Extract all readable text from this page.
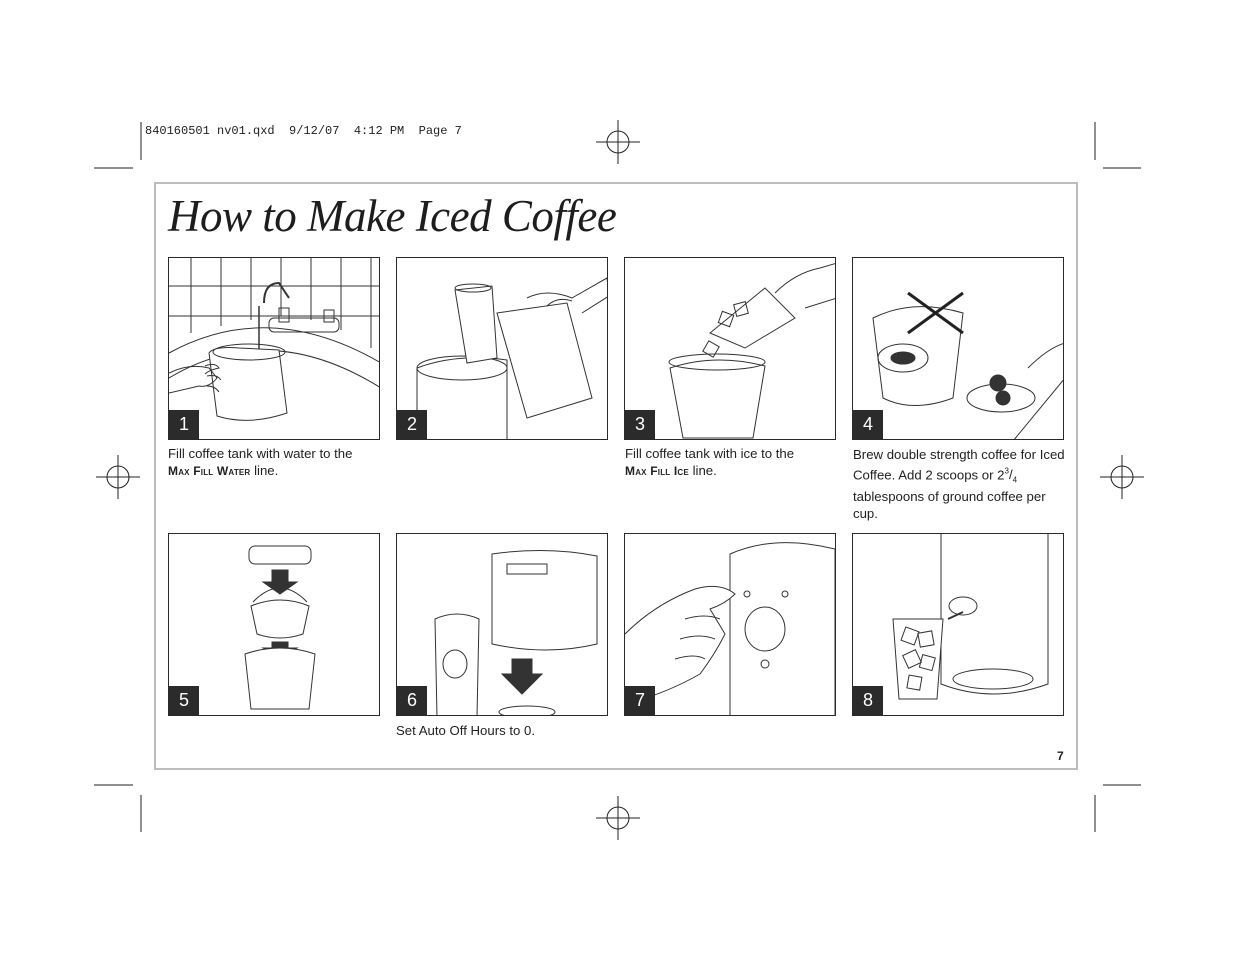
840160501 nv01.qxd  9/12/07  4:12 PM  Page 7
How to Make Iced Coffee
1
Fill coffee tank with water to the
Max Fill Water line.
2	3
Fill coffee tank with ice to the
Max Fill Ice line.
4
Brew double strength coffee for Iced Coffee. Add 2 scoops or $2^3/_4$ tablespoons of ground coffee per cup.
5	6
Set Auto Off Hours to 0.
7	8
7
